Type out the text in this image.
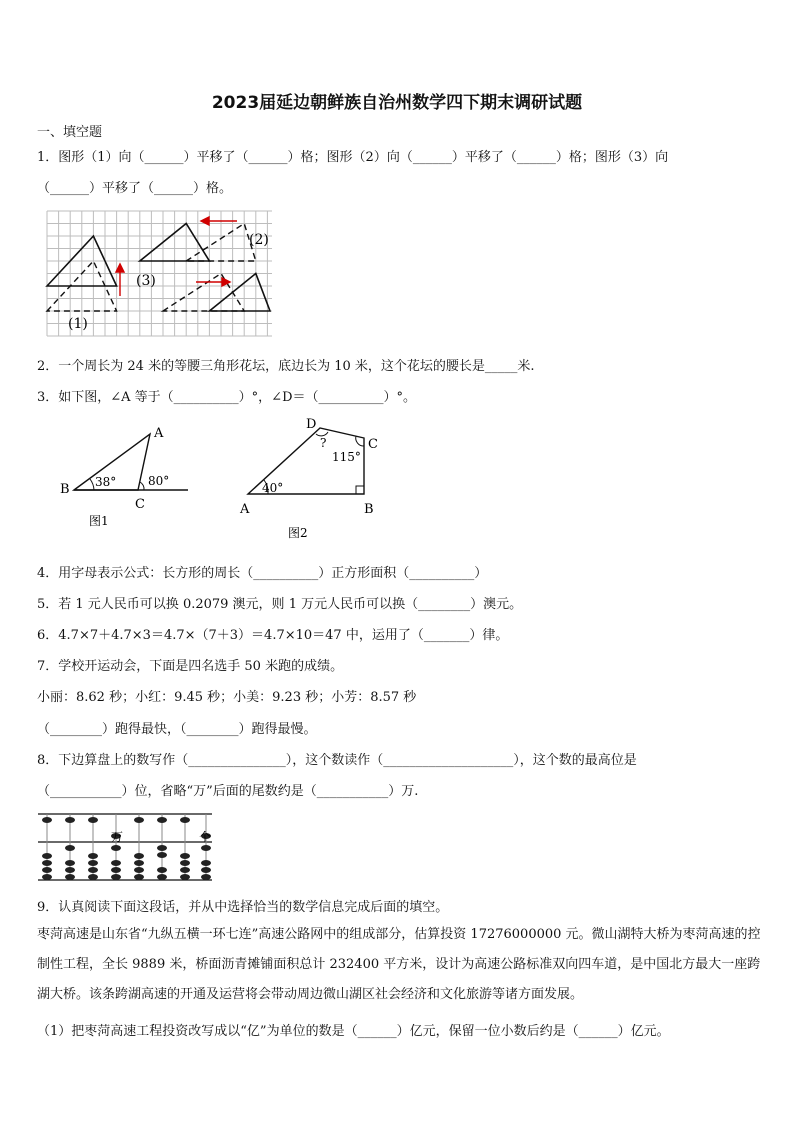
2023届延边朝鲜族自治州数学四下期末调研试题
一、填空题
1．图形（1）向（______）平移了（______）格；图形（2）向（______）平移了（______）格；图形（3）向
（______）平移了（______）格。
(1)
(2)
(3)
2．一个周长为 24 米的等腰三角形花坛，底边长为 10 米，这个花坛的腰长是_____米.
3．如下图，∠A 等于（__________）°，∠D＝（__________）°。
A
B
C
38°	80°
图1
D
C
B
A
40°
115°
?
图2
4．用字母表示公式：长方形的周长（__________）正方形面积（__________）
5．若 1 元人民币可以换 0.2079 澳元，则 1 万元人民币可以换（________）澳元。
6．4.7×7＋4.7×3＝4.7×（7＋3）＝4.7×10＝47 中，运用了（_______）律。
7．学校开运动会，下面是四名选手 50 米跑的成绩。
小丽：8.62 秒；小红：9.45 秒；小美：9.23 秒；小芳：8.57 秒
（________）跑得最快，（________）跑得最慢。
8．下边算盘上的数写作（_______________），这个数读作（____________________），这个数的最高位是
（___________）位，省略“万”后面的尾数约是（___________）万.
万	个
9．认真阅读下面这段话，并从中选择恰当的数学信息完成后面的填空。
枣菏高速是山东省“九纵五横一环七连”高速公路网中的组成部分，估算投资 17276000000 元。微山湖特大桥为枣菏高速的控制性工程，全长 9889 米，桥面沥青摊铺面积总计 232400 平方米，设计为高速公路标准双向四车道，是中国北方最大一座跨湖大桥。该条跨湖高速的开通及运营将会带动周边微山湖区社会经济和文化旅游等诸方面发展。
（1）把枣菏高速工程投资改写成以“亿”为单位的数是（______）亿元，保留一位小数后约是（______）亿元。
